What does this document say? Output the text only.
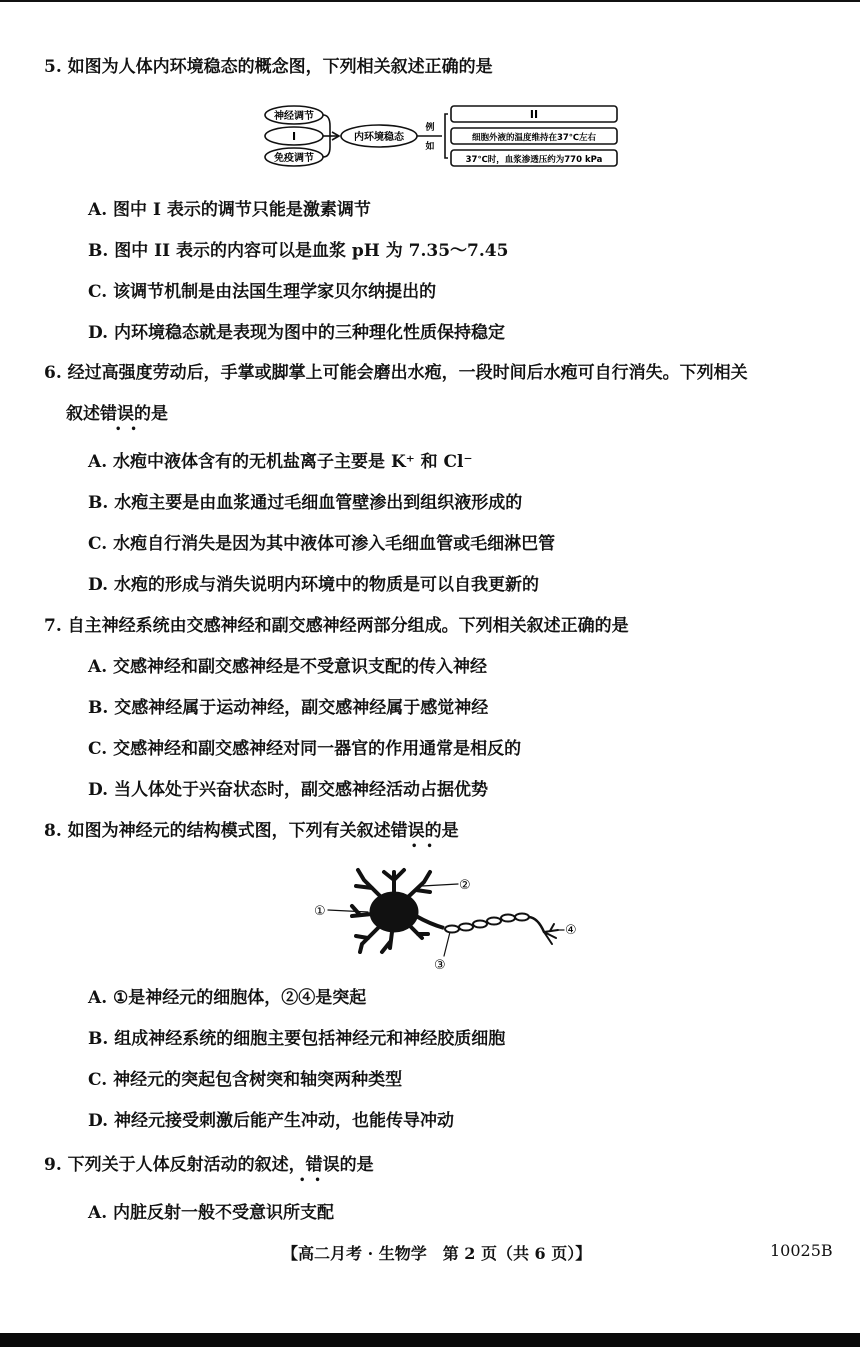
5. 如图为人体内环境稳态的概念图，下列相关叙述正确的是
神经调节
I
免疫调节
内环境稳态
例
如
II
细胞外液的温度维持在37℃左右
37℃时，血浆渗透压约为770 kPa
A. 图中 I 表示的调节只能是激素调节
B. 图中 II 表示的内容可以是血浆 pH 为 7.35～7.45
C. 该调节机制是由法国生理学家贝尔纳提出的
D. 内环境稳态就是表现为图中的三种理化性质保持稳定
6. 经过高强度劳动后，手掌或脚掌上可能会磨出水疱，一段时间后水疱可自行消失。下列相关
叙述错误的是
••
A. 水疱中液体含有的无机盐离子主要是 K⁺ 和 Cl⁻
B. 水疱主要是由血浆通过毛细血管壁渗出到组织液形成的
C. 水疱自行消失是因为其中液体可渗入毛细血管或毛细淋巴管
D. 水疱的形成与消失说明内环境中的物质是可以自我更新的
7. 自主神经系统由交感神经和副交感神经两部分组成。下列相关叙述正确的是
A. 交感神经和副交感神经是不受意识支配的传入神经
B. 交感神经属于运动神经，副交感神经属于感觉神经
C. 交感神经和副交感神经对同一器官的作用通常是相反的
D. 当人体处于兴奋状态时，副交感神经活动占据优势
8. 如图为神经元的结构模式图，下列有关叙述错误的是
••
①
②
③
④
A. ①是神经元的细胞体，②④是突起
B. 组成神经系统的细胞主要包括神经元和神经胶质细胞
C. 神经元的突起包含树突和轴突两种类型
D. 神经元接受刺激后能产生冲动，也能传导冲动
9. 下列关于人体反射活动的叙述，错误的是
••
A. 内脏反射一般不受意识所支配
【高二月考 · 生物学　第 2 页（共 6 页）】	10025B
